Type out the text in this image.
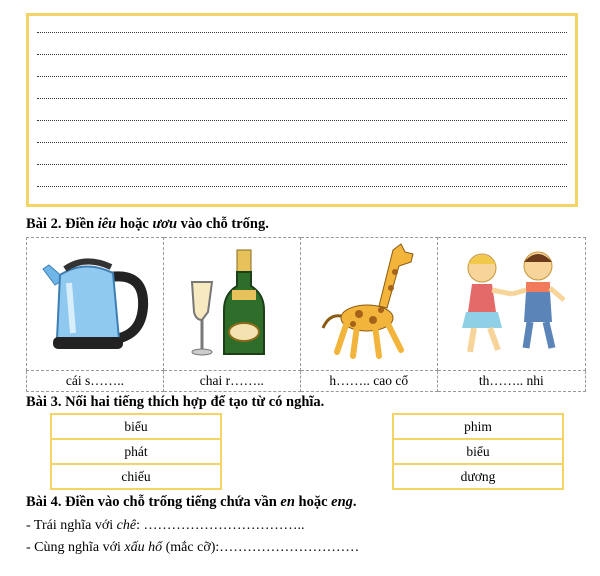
Bài 2. Điền iêu hoặc ươu vào chỗ trống.

cái s……..	chai r……..	h…….. cao cổ	th…….. nhi
Bài 3. Nối hai tiếng thích hợp để tạo từ có nghĩa.
biểu		phim
phát		biểu
chiếu		dương
Bài 4. Điền vào chỗ trống tiếng chứa vần en hoặc eng.
- Trái nghĩa với chê: ……………………………..
- Cùng nghĩa với xấu hổ (mắc cỡ):…………………………
